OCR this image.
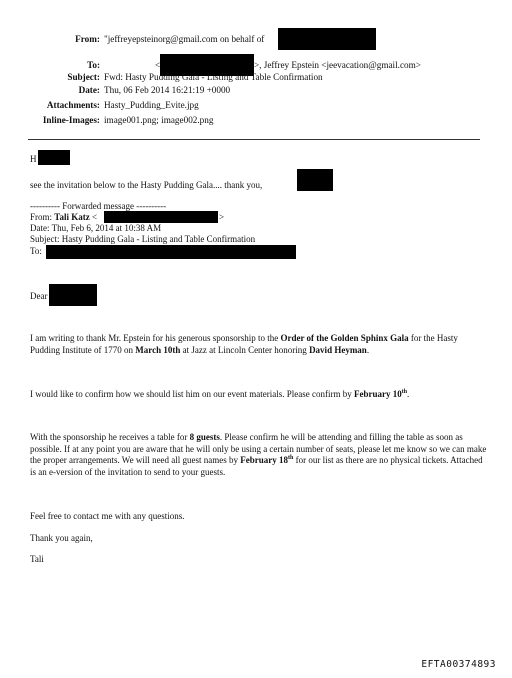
From: "jeffreyepsteinorg@gmail.com on behalf of
To:	<	>, Jeffrey Epstein <jeevacation@gmail.com>
Subject: Fwd: Hasty Pudding Gala - Listing and Table Confirmation
Date: Thu, 06 Feb 2014 16:21:19 +0000
Attachments: Hasty_Pudding_Evite.jpg
Inline-Images: image001.png; image002.png
H
see the invitation below to the Hasty Pudding Gala.... thank you,
---------- Forwarded message ----------
From: Tali Katz <	>
Date: Thu, Feb 6, 2014 at 10:38 AM
Subject: Hasty Pudding Gala - Listing and Table Confirmation
To:
Dear
I am writing to thank Mr. Epstein for his generous sponsorship to the Order of the Golden Sphinx Gala for the Hasty Pudding Institute of 1770 on March 10th at Jazz at Lincoln Center honoring David Heyman.
I would like to confirm how we should list him on our event materials. Please confirm by February 10th.
With the sponsorship he receives a table for 8 guests. Please confirm he will be attending and filling the table as soon as possible. If at any point you are aware that he will only be using a certain number of seats, please let me know so we can make the proper arrangements. We will need all guest names by February 18th for our list as there are no physical tickets. Attached is an e-version of the invitation to send to your guests.
Feel free to contact me with any questions.
Thank you again,
Tali
EFTA00374893
